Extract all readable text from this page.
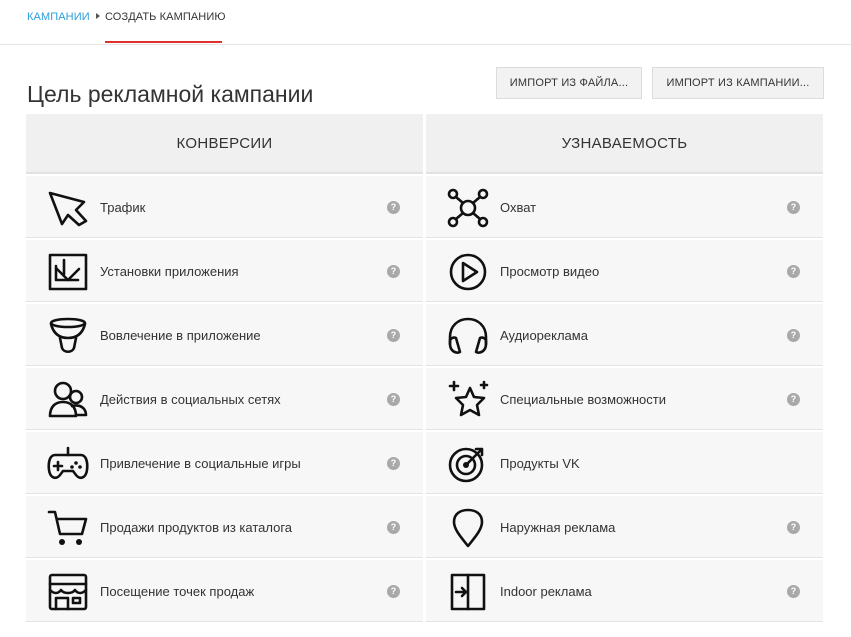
КАМПАНИИ СОЗДАТЬ КАМПАНИЮ
Цель рекламной кампании	ИМПОРТ ИЗ ФАЙЛА...	ИМПОРТ ИЗ КАМПАНИИ...
КОНВЕРСИИ
Трафик	?
Установки приложения	?
Вовлечение в приложение	?
Действия в социальных сетях	?
Привлечение в социальные игры	?
Продажи продуктов из каталога	?
Посещение точек продаж	?
УЗНАВАЕМОСТЬ
Охват	?
Просмотр видео	?
Аудиореклама	?
Специальные возможности	?
Продукты VK
Наружная реклама	?
Indoor реклама	?
